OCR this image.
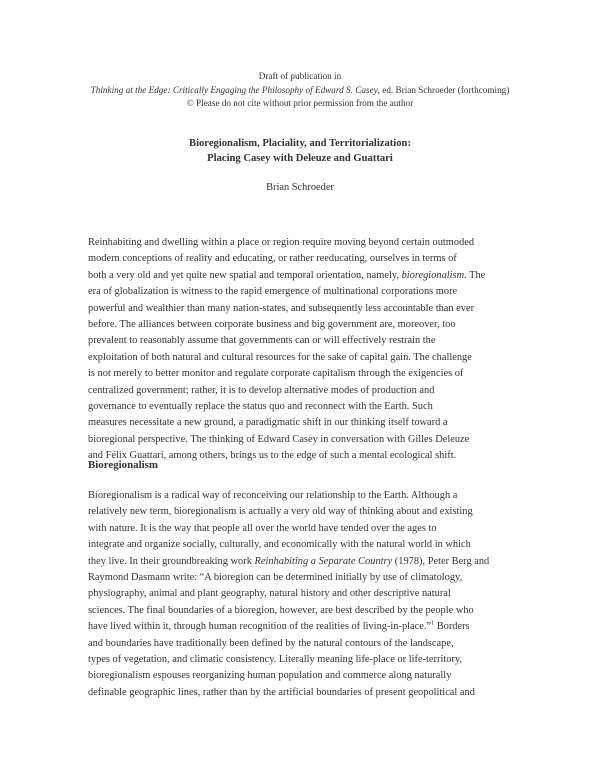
Draft of publication in
Thinking at the Edge: Critically Engaging the Philosophy of Edward S. Casey, ed. Brian Schroeder (forthcoming)
© Please do not cite without prior permission from the author
Bioregionalism, Placiality, and Territorialization:
Placing Casey with Deleuze and Guattari
Brian Schroeder
Reinhabiting and dwelling within a place or region require moving beyond certain outmoded
modern conceptions of reality and educating, or rather reeducating, ourselves in terms of
both a very old and yet quite new spatial and temporal orientation, namely, bioregionalism. The
era of globalization is witness to the rapid emergence of multinational corporations more
powerful and wealthier than many nation-states, and subsequently less accountable than ever
before. The alliances between corporate business and big government are, moreover, too
prevalent to reasonably assume that governments can or will effectively restrain the
exploitation of both natural and cultural resources for the sake of capital gain. The challenge
is not merely to better monitor and regulate corporate capitalism through the exigencies of
centralized government; rather, it is to develop alternative modes of production and
governance to eventually replace the status quo and reconnect with the Earth. Such
measures necessitate a new ground, a paradigmatic shift in our thinking itself toward a
bioregional perspective. The thinking of Edward Casey in conversation with Gilles Deleuze
and Félix Guattari, among others, brings us to the edge of such a mental ecological shift.
Bioregionalism
Bioregionalism is a radical way of reconceiving our relationship to the Earth. Although a
relatively new term, bioregionalism is actually a very old way of thinking about and existing
with nature. It is the way that people all over the world have tended over the ages to
integrate and organize socially, culturally, and economically with the natural world in which
they live. In their groundbreaking work Reinhabiting a Separate Country (1978), Peter Berg and
Raymond Dasmann write: “A bioregion can be determined initially by use of climatology,
physiography, animal and plant geography, natural history and other descriptive natural
sciences. The final boundaries of a bioregion, however, are best described by the people who
have lived within it, through human recognition of the realities of living-in-place.”$^1$ Borders
and boundaries have traditionally been defined by the natural contours of the landscape,
types of vegetation, and climatic consistency. Literally meaning life-place or life-territory,
bioregionalism espouses reorganizing human population and commerce along naturally
definable geographic lines, rather than by the artificial boundaries of present geopolitical and
